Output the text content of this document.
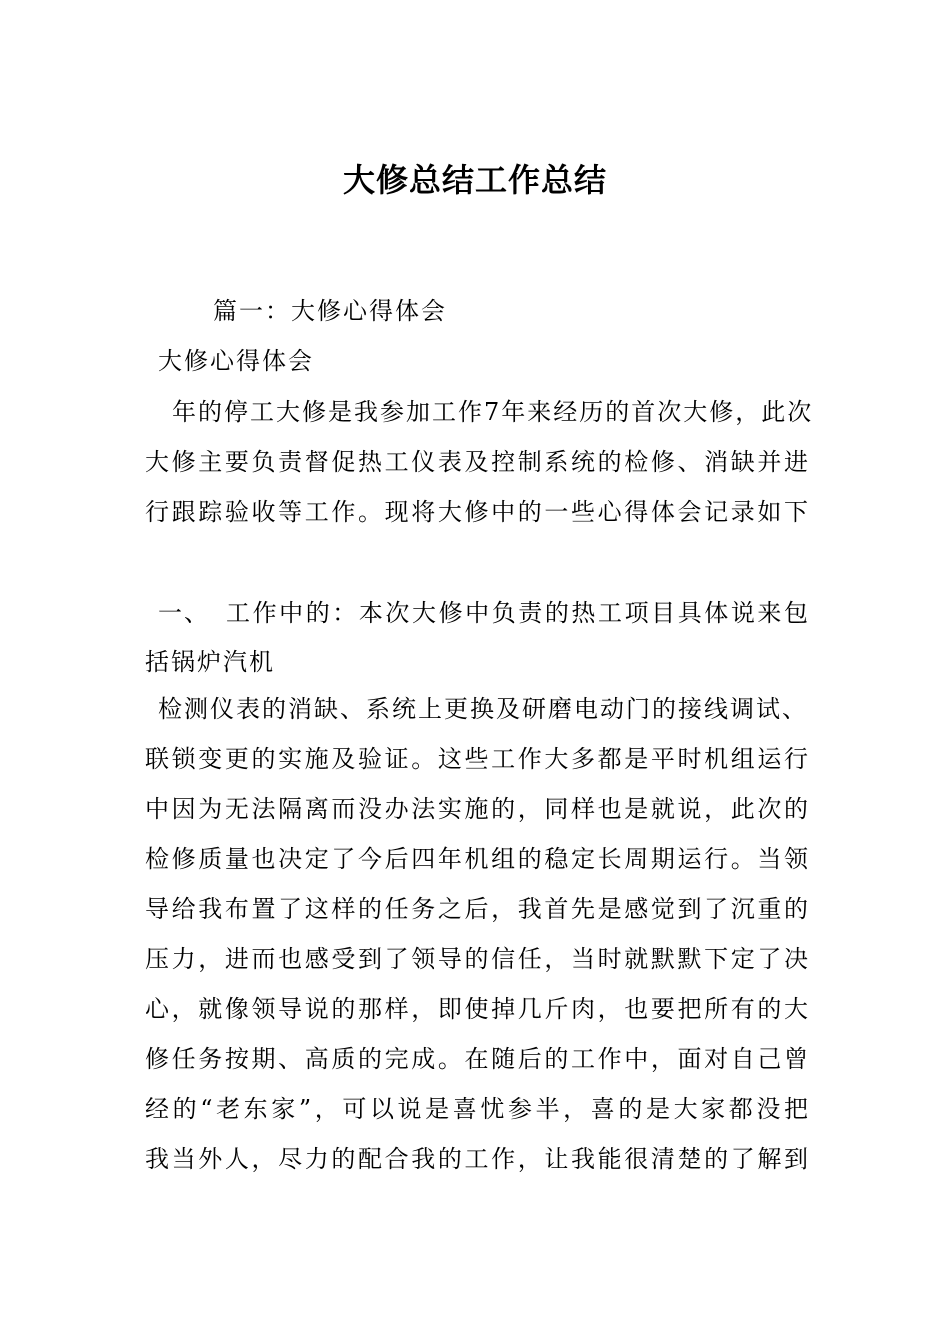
大修总结工作总结

篇一：大修心得体会

大修心得体会

年的停工大修是我参加工作7年来经历的首次大修，此次

大修主要负责督促热工仪表及控制系统的检修、消缺并进

行跟踪验收等工作。现将大修中的一些心得体会记录如下

一、 工作中的：本次大修中负责的热工项目具体说来包

括锅炉汽机

检测仪表的消缺、系统上更换及研磨电动门的接线调试、

联锁变更的实施及验证。这些工作大多都是平时机组运行

中因为无法隔离而没办法实施的，同样也是就说，此次的

检修质量也决定了今后四年机组的稳定长周期运行。当领

导给我布置了这样的任务之后，我首先是感觉到了沉重的

压力，进而也感受到了领导的信任，当时就默默下定了决

心，就像领导说的那样，即使掉几斤肉，也要把所有的大

修任务按期、高质的完成。在随后的工作中，面对自己曾

经的“老东家”，可以说是喜忧参半，喜的是大家都没把

我当外人，尽力的配合我的工作，让我能很清楚的了解到
